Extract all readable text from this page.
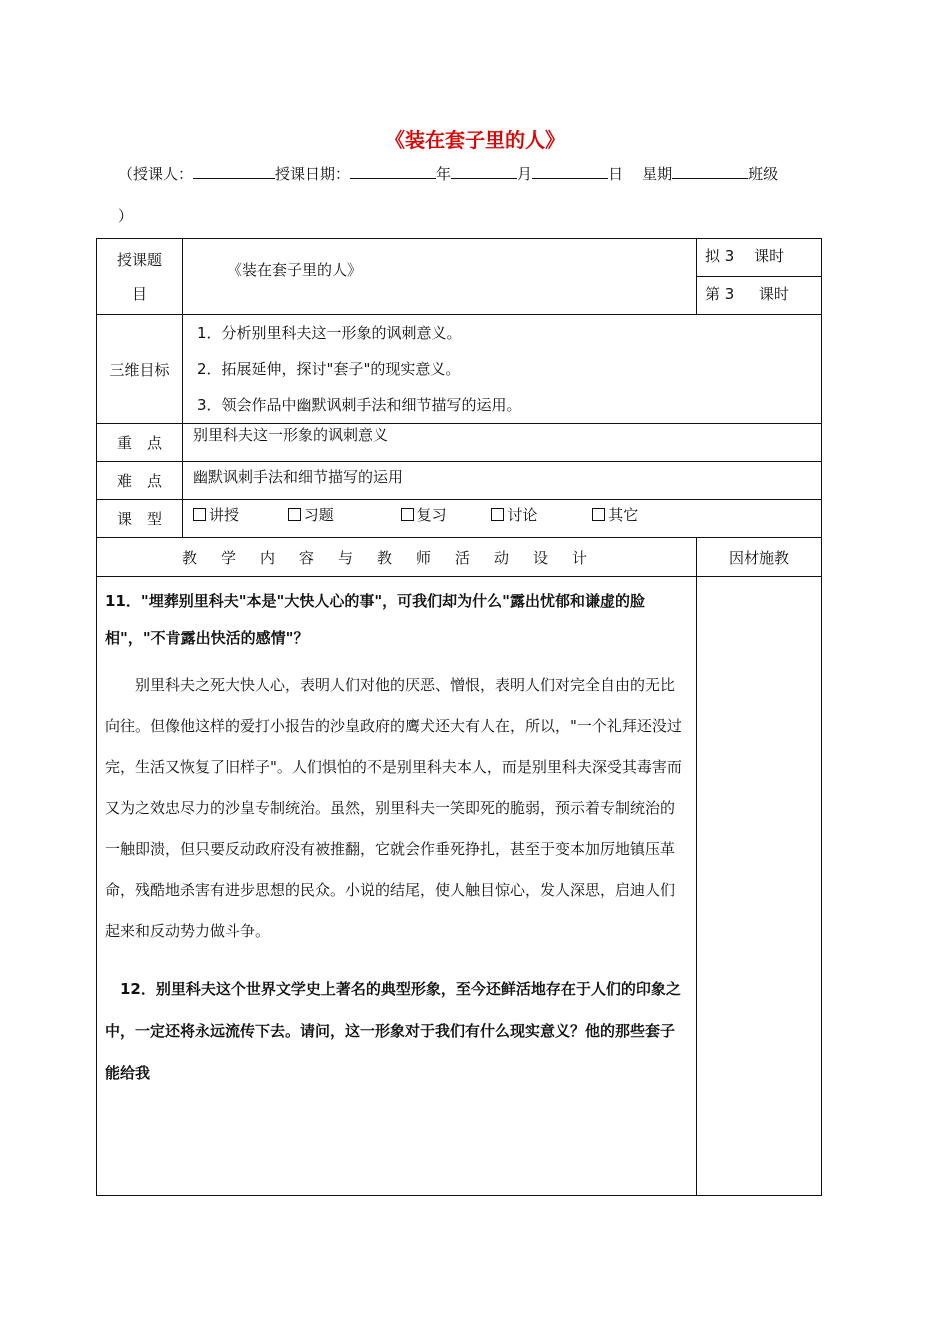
《装在套子里的人》
（授课人：	授课日期：	年	月	日 星期	班级
）
授课题
目	《装在套子里的人》	拟 3　 课时
		第 3 　 课时
三维目标	1．分析别里科夫这一形象的讽刺意义。
2．拓展延伸，探讨"套子"的现实意义。
3．领会作品中幽默讽刺手法和细节描写的运用。	

重　点	别里科夫这一形象的讽刺意义	
难　点	幽默讽刺手法和细节描写的运用	
课　型	讲授 习题 复习 讨论 其它	
教学内容与教师活动设计		因材施教

11．"埋葬别里科夫"本是"大快人心的事"，可我们却为什么"露出忧郁和谦虚的脸相"，"不肯露出快活的感情"？

别里科夫之死大快人心，表明人们对他的厌恶、憎恨，表明人们对完全自由的无比向往。但像他这样的爱打小报告的沙皇政府的鹰犬还大有人在，所以，"一个礼拜还没过完，生活又恢复了旧样子"。人们惧怕的不是别里科夫本人，而是别里科夫深受其毒害而又为之效忠尽力的沙皇专制统治。虽然，别里科夫一笑即死的脆弱，预示着专制统治的一触即溃，但只要反动政府没有被推翻，它就会作垂死挣扎，甚至于变本加厉地镇压革命，残酷地杀害有进步思想的民众。小说的结尾，使人触目惊心，发人深思，启迪人们起来和反动势力做斗争。

12．别里科夫这个世界文学史上著名的典型形象，至今还鲜活地存在于人们的印象之中，一定还将永远流传下去。请问，这一形象对于我们有什么现实意义？他的那些套子能给我		
